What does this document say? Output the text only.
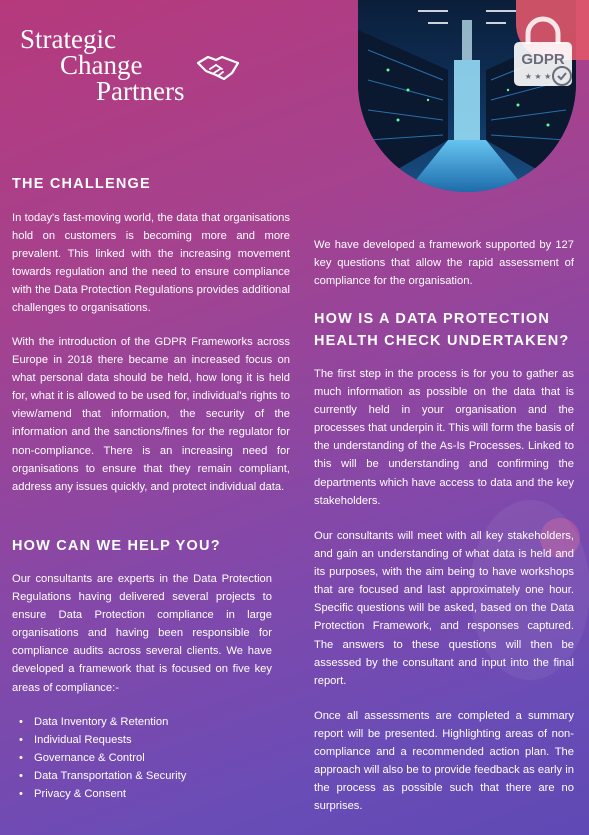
Strategic
Change
Partners
GDPR
★ ★ ★
THE CHALLENGE

In today's fast-moving world, the data that organisations hold on customers is becoming more and more prevalent. This linked with the increasing movement towards regulation and the need to ensure compliance with the Data Protection Regulations provides additional challenges to organisations.

With the introduction of the GDPR Frameworks across Europe in 2018 there became an increased focus on what personal data should be held, how long it is held for, what it is allowed to be used for, individual's rights to view/amend that information, the security of the information and the sanctions/fines for the regulator for non-compliance. There is an increasing need for organisations to ensure that they remain compliant, address any issues quickly, and protect individual data.

HOW CAN WE HELP YOU?

Our consultants are experts in the Data Protection Regulations having delivered several projects to ensure Data Protection compliance in large organisations and having been responsible for compliance audits across several clients. We have developed a framework that is focused on five key areas of compliance:-

• Data Inventory & Retention
• Individual Requests
• Governance & Control
• Data Transportation & Security
• Privacy & Consent

We have developed a framework supported by 127 key questions that allow the rapid assessment of compliance for the organisation.

HOW IS A DATA PROTECTION
HEALTH CHECK UNDERTAKEN?

The first step in the process is for you to gather as much information as possible on the data that is currently held in your organisation and the processes that underpin it. This will form the basis of the understanding of the As-Is Processes. Linked to this will be understanding and confirming the departments which have access to data and the key stakeholders.

Our consultants will meet with all key stakeholders, and gain an understanding of what data is held and its purposes, with the aim being to have workshops that are focused and last approximately one hour. Specific questions will be asked, based on the Data Protection Framework, and responses captured. The answers to these questions will then be assessed by the consultant and input into the final report.

Once all assessments are completed a summary report will be presented. Highlighting areas of non-compliance and a recommended action plan. The approach will also be to provide feedback as early in the process as possible such that there are no surprises.
